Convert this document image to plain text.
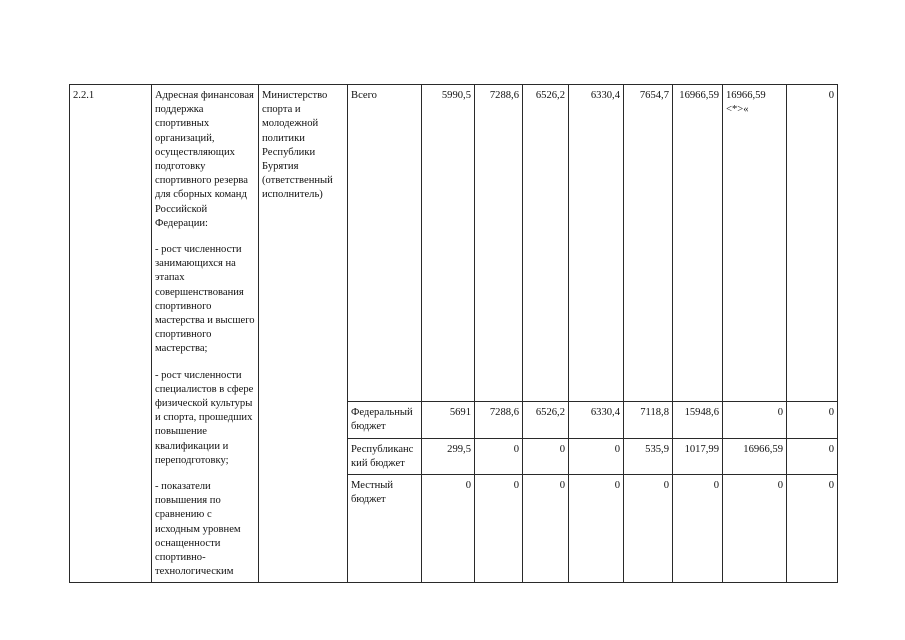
2.2.1	Адресная финансовая поддержка спортивных организаций, осуществляющих подготовку спортивного резерва для сборных команд Российской Федерации:

- рост численности занимающихся на этапах совершенствования спортивного мастерства и высшего спортивного мастерства;

- рост численности специалистов в сфере физической культуры и спорта, прошедших повышение квалификации и переподготовку;

- показатели повышения по сравнению с исходным уровнем оснащенности спортивно-технологическим	Министерство спорта и молодежной политики Республики Бурятия (ответственный исполнитель)	Всего	5990,5	7288,6	6526,2	6330,4	7654,7	16966,59	16966,59 <*>«	0
			Федеральный бюджет	5691	7288,6	6526,2	6330,4	7118,8	15948,6	0	0
			Республиканский бюджет	299,5	0	0	0	535,9	1017,99	16966,59	0
			Местный бюджет	0	0	0	0	0	0	0	0
